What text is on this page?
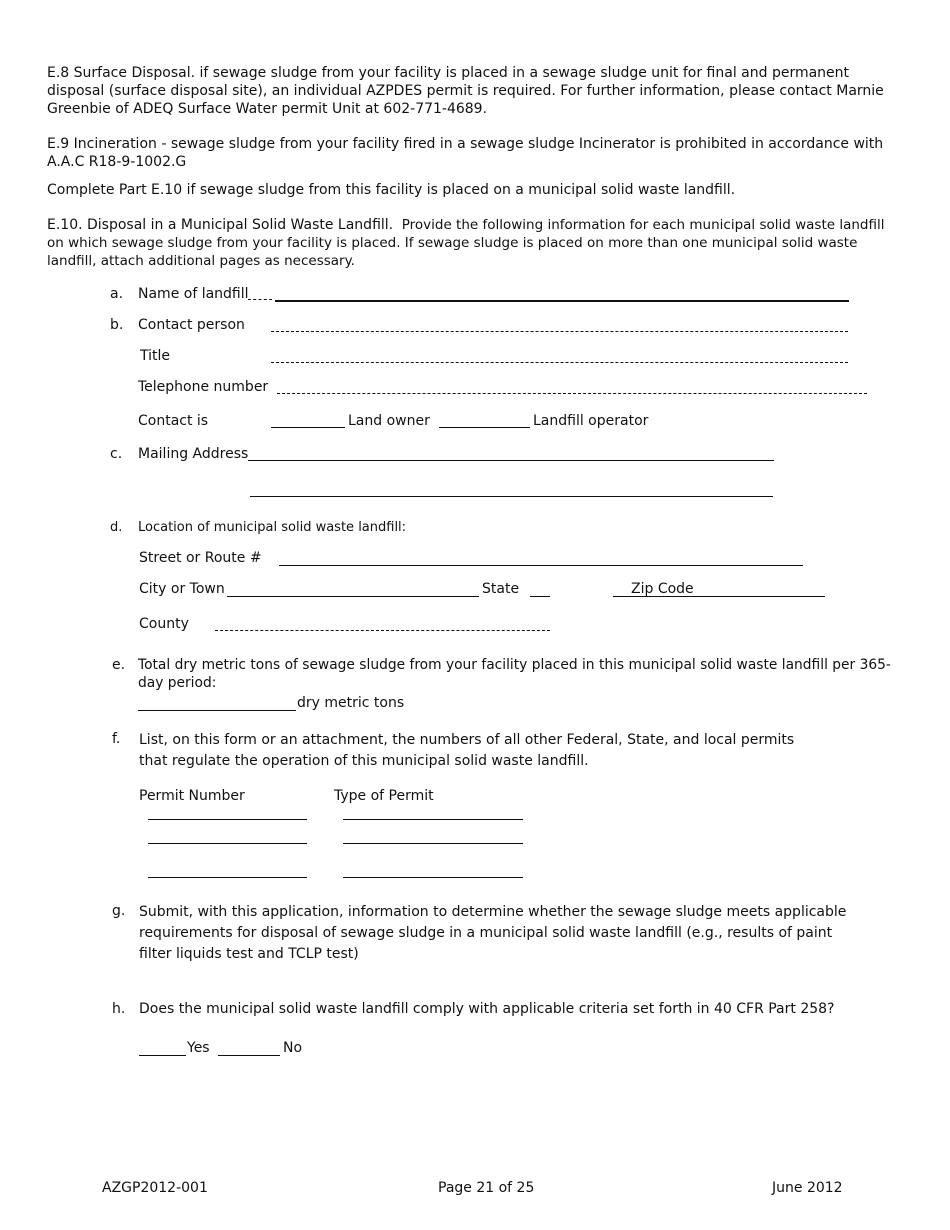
E.8 Surface Disposal. if sewage sludge from your facility is placed in a sewage sludge unit for final and permanent disposal (surface disposal site), an individual AZPDES permit is required. For further information, please contact Marnie Greenbie of ADEQ Surface Water permit Unit at 602-771-4689.
E.9 Incineration - sewage sludge from your facility fired in a sewage sludge Incinerator is prohibited in accordance with A.A.C R18-9-1002.G
Complete Part E.10 if sewage sludge from this facility is placed on a municipal solid waste landfill.
E.10. Disposal in a Municipal Solid Waste Landfill. Provide the following information for each municipal solid waste landfill on which sewage sludge from your facility is placed. If sewage sludge is placed on more than one municipal solid waste landfill, attach additional pages as necessary.
a. Name of landfill
b. Contact person
Title
Telephone number
Contact is	Land owner	Landfill operator
c. Mailing Address
d. Location of municipal solid waste landfill:
Street or Route #
City or Town	State	Zip Code
County
e. Total dry metric tons of sewage sludge from your facility placed in this municipal solid waste landfill per 365-day period:
dry metric tons
f. List, on this form or an attachment, the numbers of all other Federal, State, and local permits that regulate the operation of this municipal solid waste landfill.
Permit Number	Type of Permit
g. Submit, with this application, information to determine whether the sewage sludge meets applicable requirements for disposal of sewage sludge in a municipal solid waste landfill (e.g., results of paint filter liquids test and TCLP test)
h. Does the municipal solid waste landfill comply with applicable criteria set forth in 40 CFR Part 258?
Yes	No
AZGP2012-001	Page 21 of 25	June 2012
